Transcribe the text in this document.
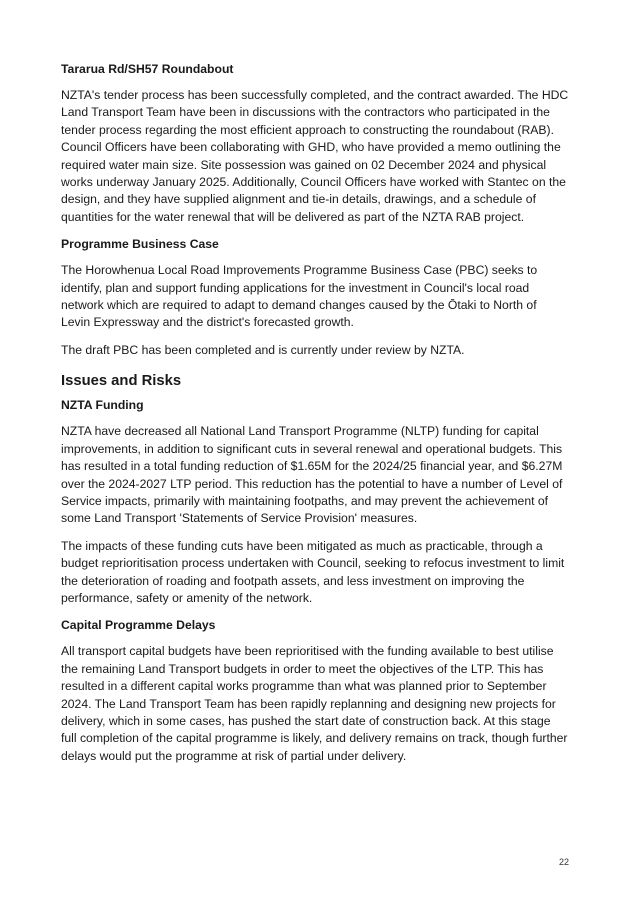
Tararua Rd/SH57 Roundabout

NZTA's tender process has been successfully completed, and the contract awarded. The HDC Land Transport Team have been in discussions with the contractors who participated in the tender process regarding the most efficient approach to constructing the roundabout (RAB). Council Officers have been collaborating with GHD, who have provided a memo outlining the required water main size. Site possession was gained on 02 December 2024 and physical works underway January 2025. Additionally, Council Officers have worked with Stantec on the design, and they have supplied alignment and tie-in details, drawings, and a schedule of quantities for the water renewal that will be delivered as part of the NZTA RAB project.

Programme Business Case

The Horowhenua Local Road Improvements Programme Business Case (PBC) seeks to identify, plan and support funding applications for the investment in Council's local road network which are required to adapt to demand changes caused by the Ōtaki to North of Levin Expressway and the district's forecasted growth.

The draft PBC has been completed and is currently under review by NZTA.

Issues and Risks
NZTA Funding

NZTA have decreased all National Land Transport Programme (NLTP) funding for capital improvements, in addition to significant cuts in several renewal and operational budgets. This has resulted in a total funding reduction of $1.65M for the 2024/25 financial year, and $6.27M over the 2024-2027 LTP period. This reduction has the potential to have a number of Level of Service impacts, primarily with maintaining footpaths, and may prevent the achievement of some Land Transport 'Statements of Service Provision' measures.

The impacts of these funding cuts have been mitigated as much as practicable, through a budget reprioritisation process undertaken with Council, seeking to refocus investment to limit the deterioration of roading and footpath assets, and less investment on improving the performance, safety or amenity of the network.

Capital Programme Delays

All transport capital budgets have been reprioritised with the funding available to best utilise the remaining Land Transport budgets in order to meet the objectives of the LTP. This has resulted in a different capital works programme than what was planned prior to September 2024. The Land Transport Team has been rapidly replanning and designing new projects for delivery, which in some cases, has pushed the start date of construction back. At this stage full completion of the capital programme is likely, and delivery remains on track, though further delays would put the programme at risk of partial under delivery.

22
